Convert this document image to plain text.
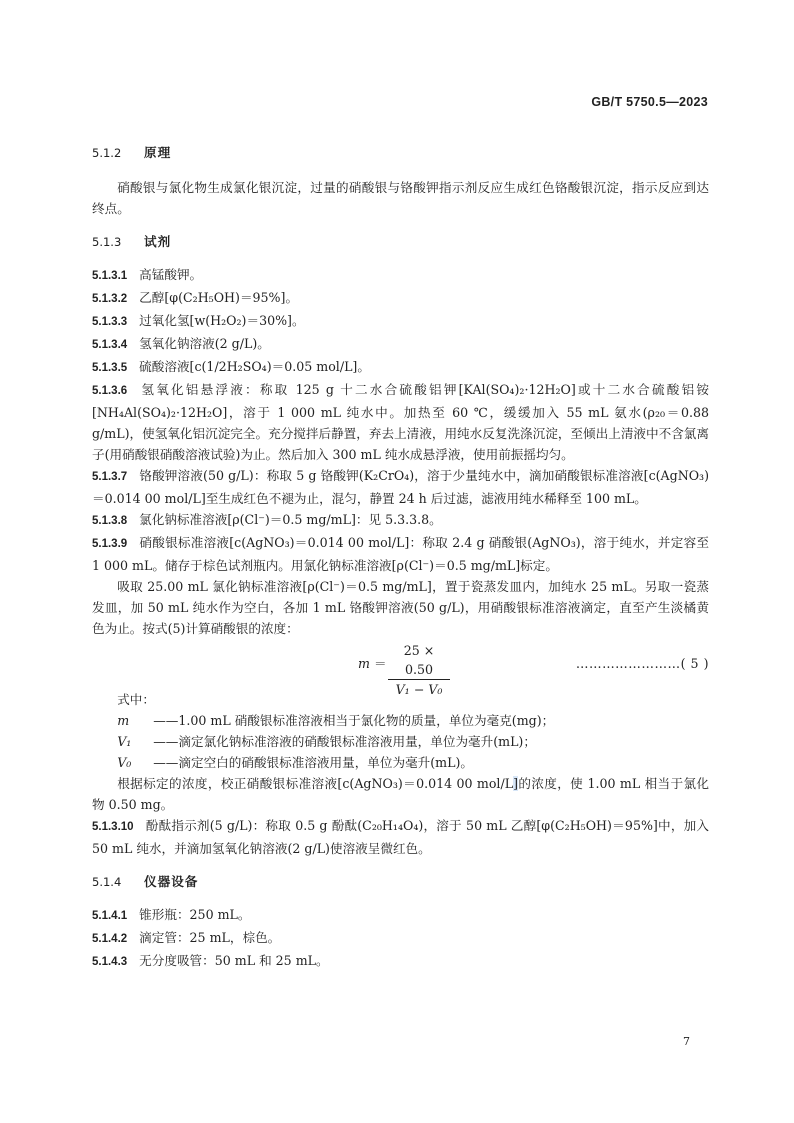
GB/T 5750.5—2023
5.1.2 原理

硝酸银与氯化物生成氯化银沉淀，过量的硝酸银与铬酸钾指示剂反应生成红色铬酸银沉淀，指示反应到达终点。

5.1.3 试剂

5.1.3.1 高锰酸钾。

5.1.3.2 乙醇[φ(C₂H₅OH)＝95%]。

5.1.3.3 过氧化氢[w(H₂O₂)＝30%]。

5.1.3.4 氢氧化钠溶液(2 g/L)。

5.1.3.5 硫酸溶液[c(1/2H₂SO₄)＝0.05 mol/L]。

5.1.3.6 氢氧化铝悬浮液：称取 125 g 十二水合硫酸铝钾[KAl(SO₄)₂·12H₂O]或十二水合硫酸铝铵[NH₄Al(SO₄)₂·12H₂O]，溶于 1 000 mL 纯水中。加热至 60 ℃，缓缓加入 55 mL 氨水(ρ₂₀＝0.88 g/mL)，使氢氧化铝沉淀完全。充分搅拌后静置，弃去上清液，用纯水反复洗涤沉淀，至倾出上清液中不含氯离子(用硝酸银硝酸溶液试验)为止。然后加入 300 mL 纯水成悬浮液，使用前振摇均匀。

5.1.3.7 铬酸钾溶液(50 g/L)：称取 5 g 铬酸钾(K₂CrO₄)，溶于少量纯水中，滴加硝酸银标准溶液[c(AgNO₃)＝0.014 00 mol/L]至生成红色不褪为止，混匀，静置 24 h 后过滤，滤液用纯水稀释至 100 mL。

5.1.3.8 氯化钠标准溶液[ρ(Cl⁻)＝0.5 mg/mL]：见 5.3.3.8。

5.1.3.9 硝酸银标准溶液[c(AgNO₃)＝0.014 00 mol/L]：称取 2.4 g 硝酸银(AgNO₃)，溶于纯水，并定容至 1 000 mL。储存于棕色试剂瓶内。用氯化钠标准溶液[ρ(Cl⁻)＝0.5 mg/mL]标定。

吸取 25.00 mL 氯化钠标准溶液[ρ(Cl⁻)＝0.5 mg/mL]，置于瓷蒸发皿内，加纯水 25 mL。另取一瓷蒸发皿，加 50 mL 纯水作为空白，各加 1 mL 铬酸钾溶液(50 g/L)，用硝酸银标准溶液滴定，直至产生淡橘黄色为止。按式(5)计算硝酸银的浓度：

$m = \frac{25 \times 0.50}{\text{V₁ − V₀}}$	……………………( 5 )

式中：

m ——1.00 mL 硝酸银标准溶液相当于氯化物的质量，单位为毫克(mg)；

V₁ ——滴定氯化钠标准溶液的硝酸银标准溶液用量，单位为毫升(mL)；

V₀ ——滴定空白的硝酸银标准溶液用量，单位为毫升(mL)。

根据标定的浓度，校正硝酸银标准溶液[c(AgNO₃)＝0.014 00 mol/L]的浓度，使 1.00 mL 相当于氯化物 0.50 mg。

5.1.3.10 酚酞指示剂(5 g/L)：称取 0.5 g 酚酞(C₂₀H₁₄O₄)，溶于 50 mL 乙醇[φ(C₂H₅OH)＝95%]中，加入 50 mL 纯水，并滴加氢氧化钠溶液(2 g/L)使溶液呈微红色。

5.1.4 仪器设备

5.1.4.1 锥形瓶：250 mL。

5.1.4.2 滴定管：25 mL，棕色。

5.1.4.3 无分度吸管：50 mL 和 25 mL。

7
